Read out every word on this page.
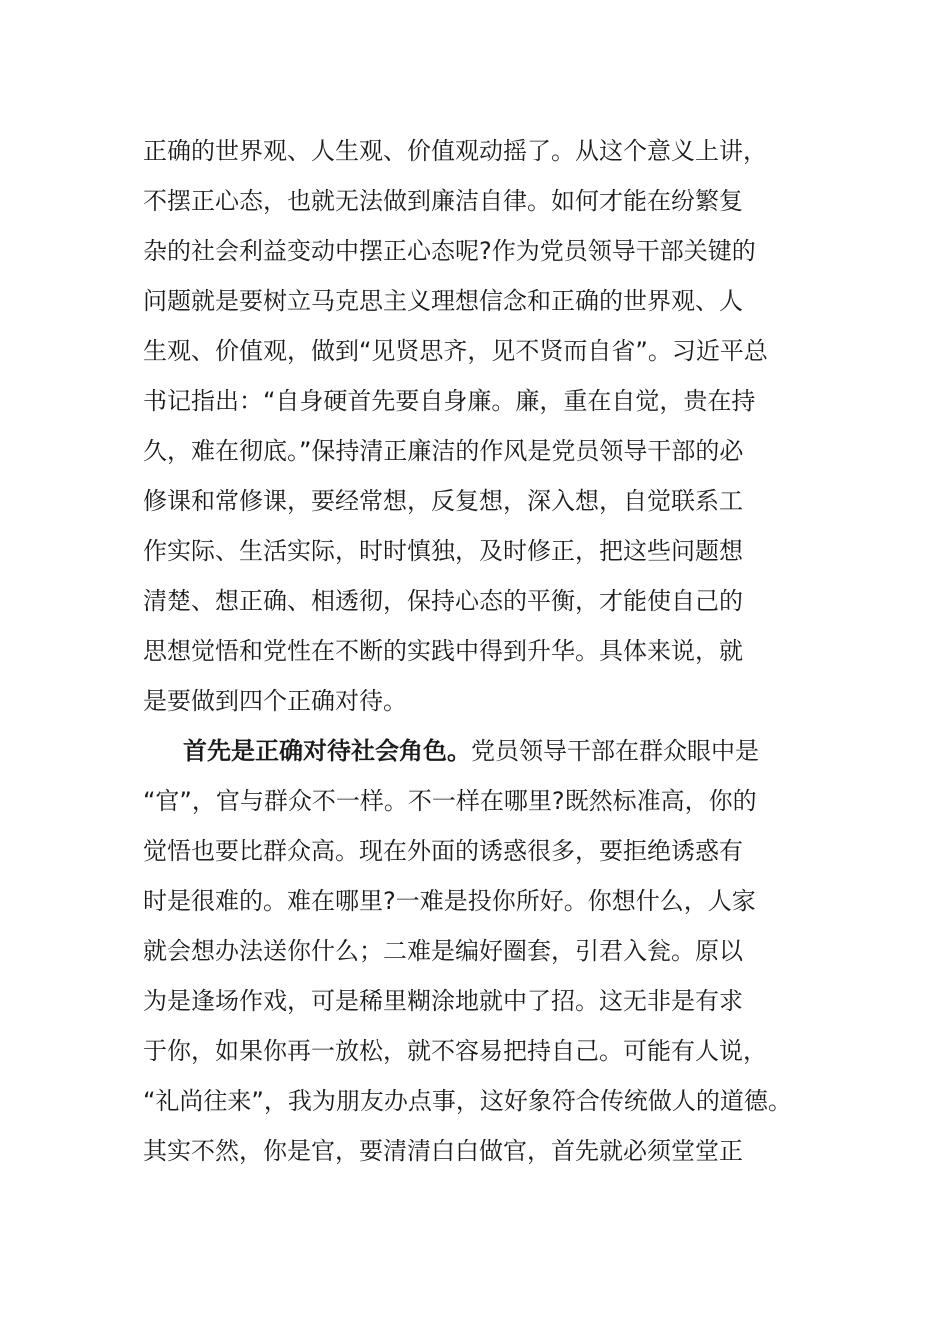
正确的世界观、人生观、价值观动摇了。从这个意义上讲，
不摆正心态，也就无法做到廉洁自律。如何才能在纷繁复
杂的社会利益变动中摆正心态呢?作为党员领导干部关键的
问题就是要树立马克思主义理想信念和正确的世界观、人
生观、价值观，做到“见贤思齐，见不贤而自省”。习近平总
书记指出：“自身硬首先要自身廉。廉，重在自觉，贵在持
久，难在彻底。”保持清正廉洁的作风是党员领导干部的必
修课和常修课，要经常想，反复想，深入想，自觉联系工
作实际、生活实际，时时慎独，及时修正，把这些问题想
清楚、想正确、相透彻，保持心态的平衡，才能使自己的
思想觉悟和党性在不断的实践中得到升华。具体来说，就
是要做到四个正确对待。
首先是正确对待社会角色。党员领导干部在群众眼中是
“官”，官与群众不一样。不一样在哪里?既然标准高，你的
觉悟也要比群众高。现在外面的诱惑很多，要拒绝诱惑有
时是很难的。难在哪里?一难是投你所好。你想什么，人家
就会想办法送你什么；二难是编好圈套，引君入瓮。原以
为是逢场作戏，可是稀里糊涂地就中了招。这无非是有求
于你，如果你再一放松，就不容易把持自己。可能有人说，
“礼尚往来”，我为朋友办点事，这好象符合传统做人的道德。
其实不然，你是官，要清清白白做官，首先就必须堂堂正
